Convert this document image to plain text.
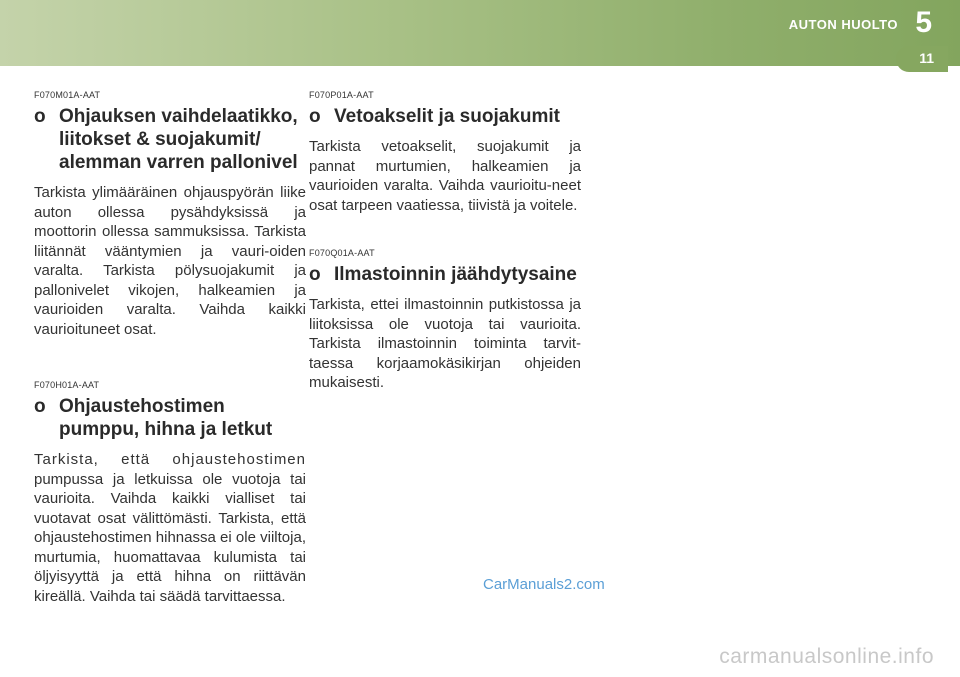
AUTON HUOLTO 5
11

F070M01A-AAT

o Ohjauksen vaihdelaatikko, liitokset & suojakumit/ alemman varren pallonivel

Tarkista ylimääräinen ohjauspyörän liike auton ollessa pysähdyksissä ja moottorin ollessa sammuksissa. Tarkista liitännät vääntymien ja vauri-oiden varalta. Tarkista pölysuojakumit ja pallonivelet vikojen, halkeamien ja vaurioiden varalta. Vaihda kaikki vaurioituneet osat.

F070H01A-AAT

o Ohjaustehostimen pumppu, hihna ja letkut

Tarkista, että ohjaustehostimen pumpussa ja letkuissa ole vuotoja tai vaurioita. Vaihda kaikki vialliset tai vuotavat osat välittömästi. Tarkista, että ohjaustehostimen hihnassa ei ole viiltoja, murtumia, huomattavaa kulumista tai öljyisyyttä ja että hihna on riittävän kireällä. Vaihda tai säädä tarvittaessa.

F070P01A-AAT

o Vetoakselit ja suojakumit

Tarkista vetoakselit, suojakumit ja pannat murtumien, halkeamien ja vaurioiden varalta. Vaihda vaurioitu-neet osat tarpeen vaatiessa, tiivistä ja voitele.

F070Q01A-AAT

o Ilmastoinnin jäähdytysaine

Tarkista, ettei ilmastoinnin putkistossa ja liitoksissa ole vuotoja tai vaurioita. Tarkista ilmastoinnin toiminta tarvit-taessa korjaamokäsikirjan ohjeiden mukaisesti.

CarManuals2.com
carmanualsonline.info
